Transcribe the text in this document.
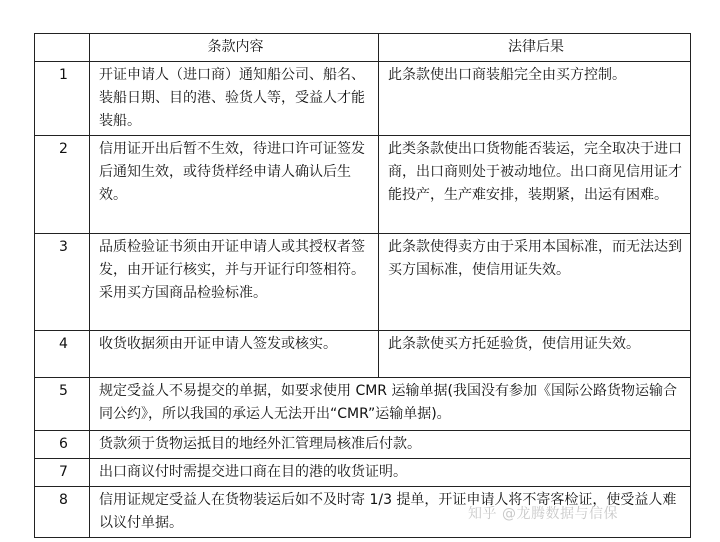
	条款内容	法律后果
1	开证申请人（进口商）通知船公司、船名、装船日期、目的港、验货人等，受益人才能装船。	此条款使出口商装船完全由买方控制。
2	信用证开出后暂不生效，待进口许可证签发后通知生效，或待货样经申请人确认后生效。	此类条款使出口货物能否装运，完全取决于进口商，出口商则处于被动地位。出口商见信用证才能投产，生产难安排，装期紧，出运有困难。
3	品质检验证书须由开证申请人或其授权者签发，由开证行核实，并与开证行印签相符。采用买方国商品检验标准。	此条款使得卖方由于采用本国标准，而无法达到买方国标准，使信用证失效。
4	收货收据须由开证申请人签发或核实。	此条款使买方托延验货，使信用证失效。
5	规定受益人不易提交的单据，如要求使用 CMR 运输单据(我国没有参加《国际公路货物运输合同公约》，所以我国的承运人无法开出“CMR”运输单据)。	
6	货款须于货物运抵目的地经外汇管理局核准后付款。	
7	出口商议付时需提交进口商在目的港的收货证明。	
8	信用证规定受益人在货物装运后如不及时寄 1/3 提单，开证申请人将不寄客检证，使受益人难以议付单据。	
知乎 @龙腾数据与信保
